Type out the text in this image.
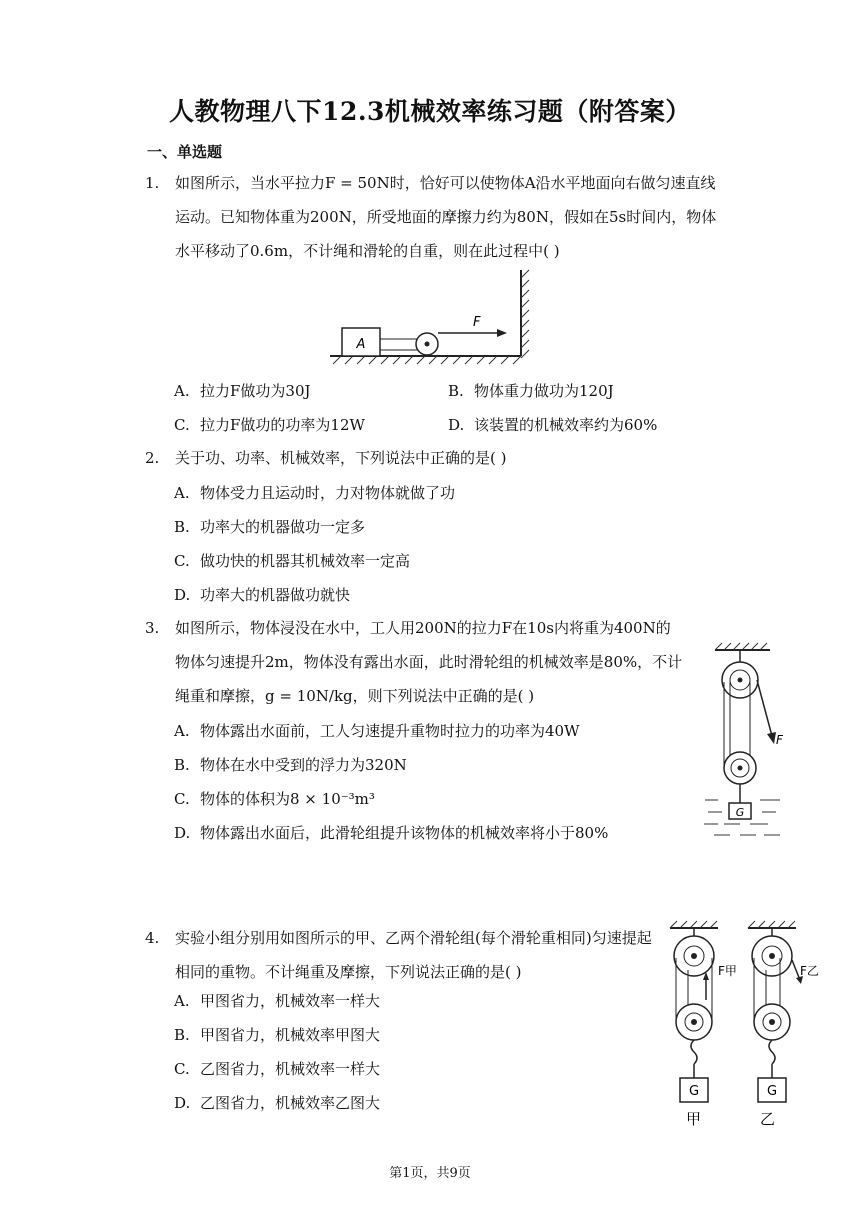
人教物理八下12.3机械效率练习题（附答案）
一、单选题
1. 如图所示，当水平拉力F = 50N时，恰好可以使物体A沿水平地面向右做匀速直线
运动。已知物体重为200N，所受地面的摩擦力约为80N，假如在5s时间内，物体
水平移动了0.6m，不计绳和滑轮的自重，则在此过程中( )
A
F
A. 拉力F做功为30J	B. 物体重力做功为120J
C. 拉力F做功的功率为12W	D. 该装置的机械效率约为60%
2. 关于功、功率、机械效率，下列说法中正确的是( )
A. 物体受力且运动时，力对物体就做了功
B. 功率大的机器做功一定多
C. 做功快的机器其机械效率一定高
D. 功率大的机器做功就快
3. 如图所示，物体浸没在水中，工人用200N的拉力F在10s内将重为400N的
物体匀速提升2m，物体没有露出水面，此时滑轮组的机械效率是80%，不计
绳重和摩擦，g = 10N/kg，则下列说法中正确的是( )
A. 物体露出水面前，工人匀速提升重物时拉力的功率为40W
B. 物体在水中受到的浮力为320N
C. 物体的体积为8 × 10⁻³m³
D. 物体露出水面后，此滑轮组提升该物体的机械效率将小于80%
F
G
4. 实验小组分别用如图所示的甲、乙两个滑轮组(每个滑轮重相同)匀速提起
相同的重物。不计绳重及摩擦，下列说法正确的是( )
A. 甲图省力，机械效率一样大
B. 甲图省力，机械效率甲图大
C. 乙图省力，机械效率一样大
D. 乙图省力，机械效率乙图大
G
F甲
甲
G
F乙
乙
第1页，共9页
